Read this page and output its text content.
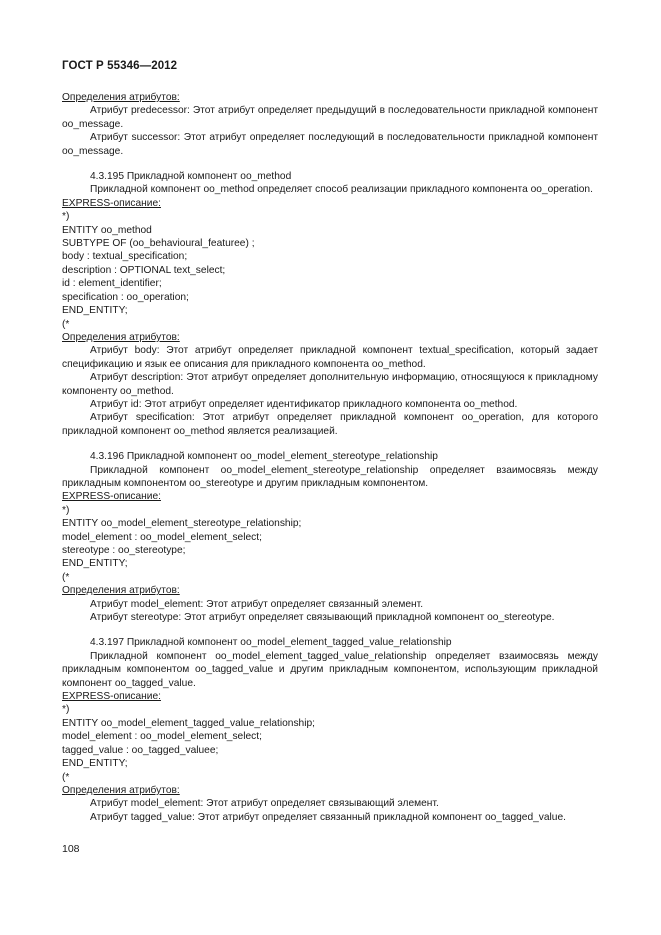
ГОСТ Р 55346—2012

Определения атрибутов:

Атрибут predecessor: Этот атрибут определяет предыдущий в последовательности прикладной компонент oo_message.

Атрибут successor: Этот атрибут определяет последующий в последовательности прикладной компонент oo_message.

4.3.195 Прикладной компонент oo_method

Прикладной компонент oo_method определяет способ реализации прикладного компонента oo_operation.

EXPRESS-описание:

*)

ENTITY oo_method

SUBTYPE OF (oo_behavioural_featuree) ;

body : textual_specification;

description : OPTIONAL text_select;

id : element_identifier;

specification : oo_operation;

END_ENTITY;

(*

Определения атрибутов:

Атрибут body: Этот атрибут определяет прикладной компонент textual_specification, который задает спецификацию и язык ее описания для прикладного компонента oo_method.

Атрибут description: Этот атрибут определяет дополнительную информацию, относящуюся к прикладному компоненту oo_method.

Атрибут id: Этот атрибут определяет идентификатор прикладного компонента oo_method.

Атрибут specification: Этот атрибут определяет прикладной компонент oo_operation, для которого прикладной компонент oo_method является реализацией.

4.3.196 Прикладной компонент oo_model_element_stereotype_relationship

Прикладной компонент oo_model_element_stereotype_relationship определяет взаимосвязь между прикладным компонентом oo_stereotype и другим прикладным компонентом.

EXPRESS-описание:

*)

ENTITY oo_model_element_stereotype_relationship;

model_element : oo_model_element_select;

stereotype : oo_stereotype;

END_ENTITY;

(*

Определения атрибутов:

Атрибут model_element: Этот атрибут определяет связанный элемент.

Атрибут stereotype: Этот атрибут определяет связывающий прикладной компонент oo_stereotype.

4.3.197 Прикладной компонент oo_model_element_tagged_value_relationship

Прикладной компонент oo_model_element_tagged_value_relationship определяет взаимосвязь между прикладным компонентом oo_tagged_value и другим прикладным компонентом, использующим прикладной компонент oo_tagged_value.

EXPRESS-описание:

*)

ENTITY oo_model_element_tagged_value_relationship;

model_element : oo_model_element_select;

tagged_value : oo_tagged_valuee;

END_ENTITY;

(*

Определения атрибутов:

Атрибут model_element: Этот атрибут определяет связывающий элемент.

Атрибут tagged_value: Этот атрибут определяет связанный прикладной компонент oo_tagged_value.

108
